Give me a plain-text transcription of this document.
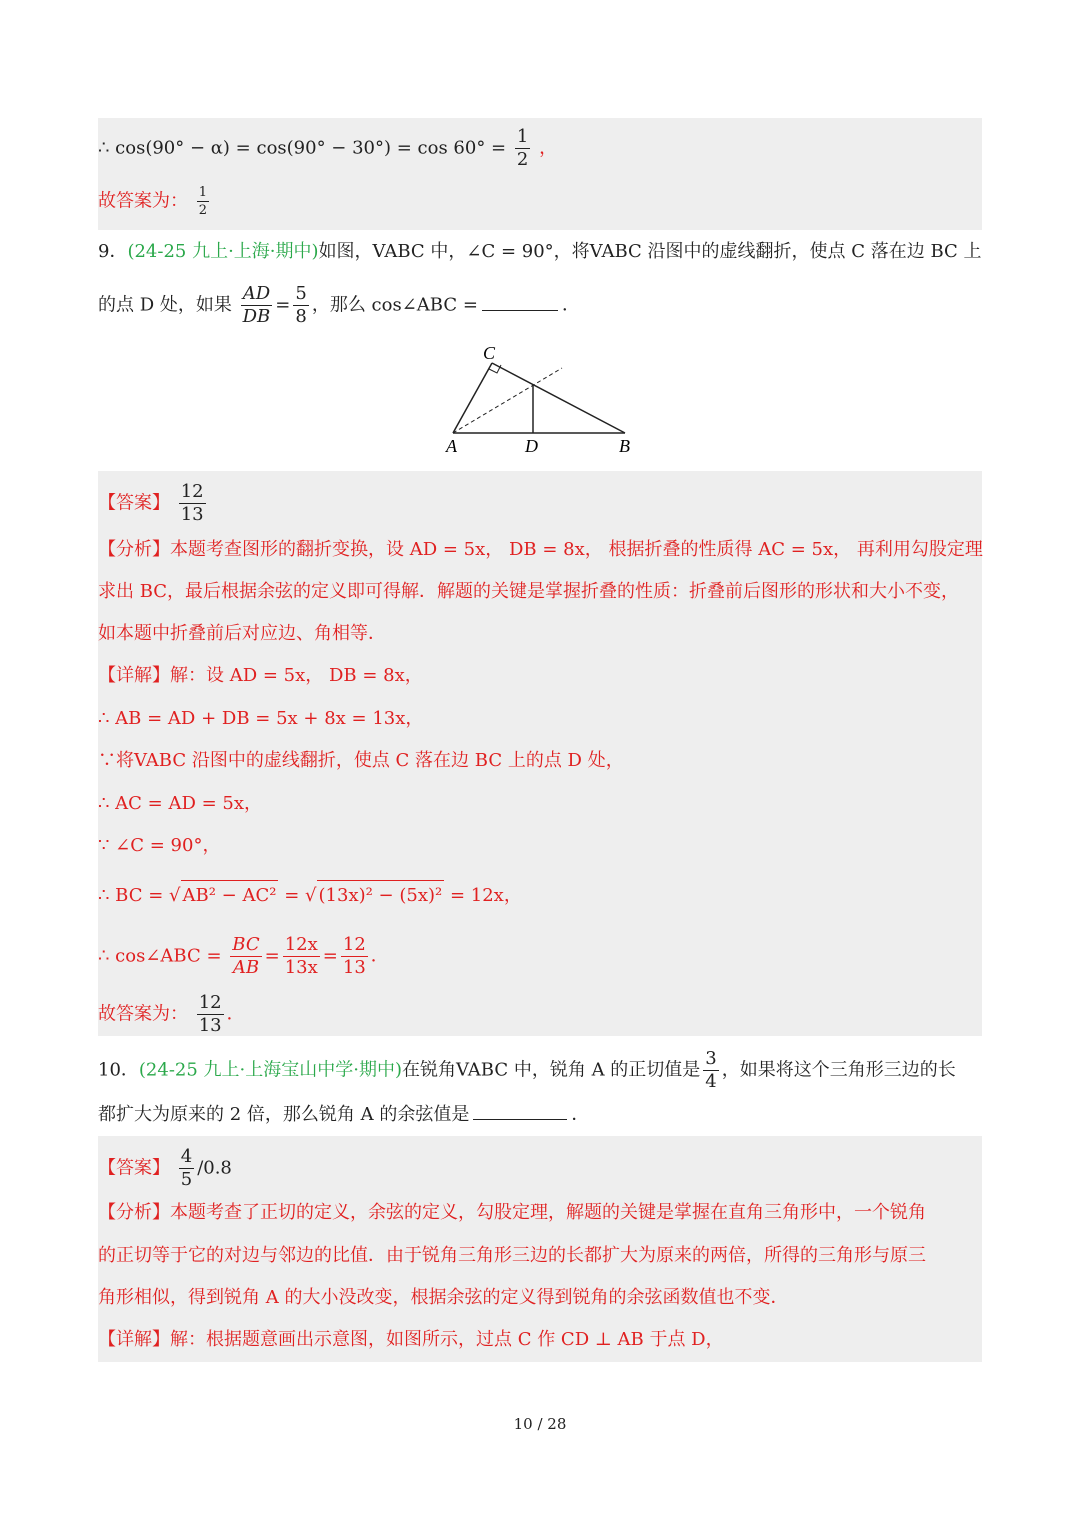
∴ $\cos(90^\circ - \alpha) = \cos(90^\circ - 30^\circ) = \cos 60^\circ = \frac{1}{2}$ ，
故答案为： $\frac{1}{2}$
9．(24-25 九上·上海·期中)如图，VABC 中，∠C = 90°，将VABC 沿图中的虚线翻折，使点 C 落在边 BC 上
的点 D 处，如果 $\frac{AD}{DB} = \frac{5}{8}$ ，那么 cos∠ABC =	．
C
A	D	B
【答案】 $\frac{12}{13}$
【分析】本题考查图形的翻折变换，设 AD = 5x， DB = 8x， 根据折叠的性质得 AC = 5x， 再利用勾股定理
求出 BC，最后根据余弦的定义即可得解．解题的关键是掌握折叠的性质：折叠前后图形的形状和大小不变，
如本题中折叠前后对应边、角相等．
【详解】解：设 AD = 5x， DB = 8x，
∴ AB = AD + DB = 5x + 8x = 13x，
∵将VABC 沿图中的虚线翻折，使点 C 落在边 BC 上的点 D 处，
∴ AC = AD = 5x，
∵ ∠C = 90°，
∴ BC = √ AB² − AC² = √ (13x)² − (5x)² = 12x，
∴ cos∠ABC = $\frac{BC}{AB} = \frac{12x}{13x} = \frac{12}{13}$ ．
故答案为： $\frac{12}{13}$ ．
10．(24-25 九上·上海宝山中学·期中)在锐角VABC 中，锐角 A 的正切值是 $\frac{3}{4}$ ，如果将这个三角形三边的长
都扩大为原来的 2 倍，那么锐角 A 的余弦值是	．
【答案】 $\frac{4}{5} /0.8$
【分析】本题考查了正切的定义，余弦的定义，勾股定理，解题的关键是掌握在直角三角形中，一个锐角
的正切等于它的对边与邻边的比值．由于锐角三角形三边的长都扩大为原来的两倍，所得的三角形与原三
角形相似，得到锐角 A 的大小没改变，根据余弦的定义得到锐角的余弦函数值也不变．
【详解】解：根据题意画出示意图，如图所示，过点 C 作 CD ⊥ AB 于点 D，
10 / 28
